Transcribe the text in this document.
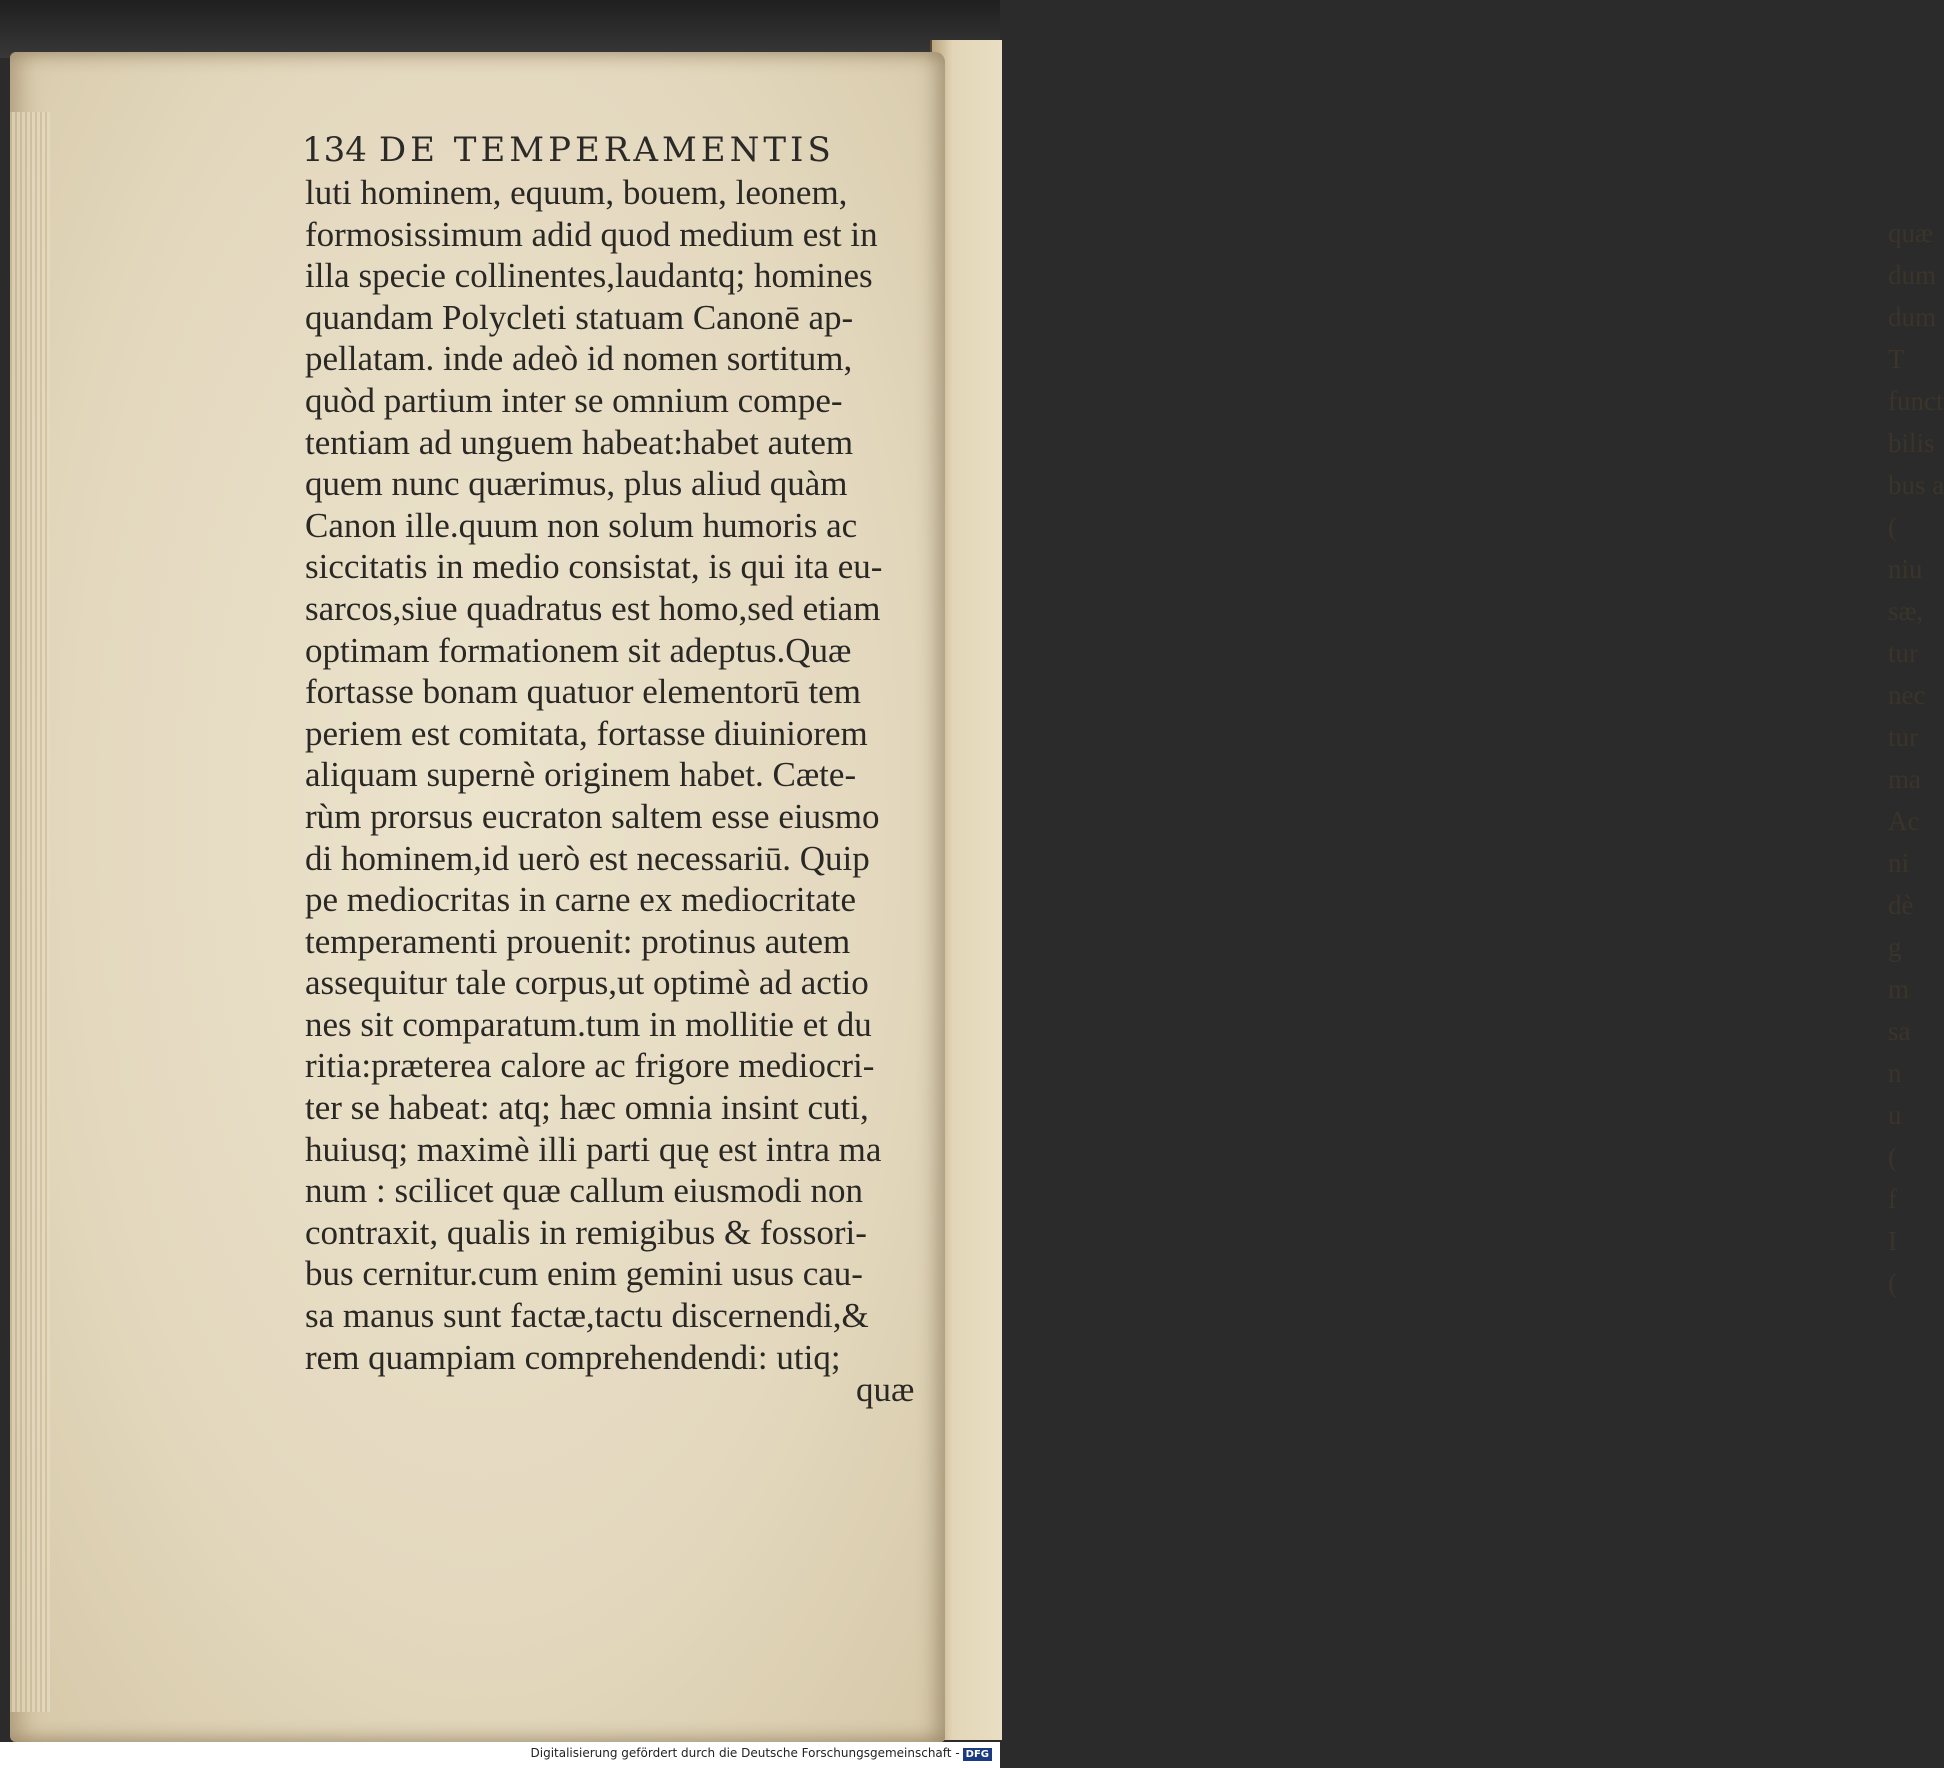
quæ
dum
dum
T
funct
bilis
bus a
(
niu
sæ,
tur
nec
tur
ma
Ac
ni
dè
g
m
sa
n
u
(
f
I
(
134 DE TEMPERAMENTIS
luti hominem, equum, bouem, leonem,
formosissimum adid quod medium est in
illa specie collinentes,laudantq; homines
quandam Polycleti statuam Canonē ap-
pellatam. inde adeò id nomen sortitum,
quòd partium inter se omnium compe-
tentiam ad unguem habeat:habet autem
quem nunc quærimus, plus aliud quàm
Canon ille.quum non solum humoris ac
siccitatis in medio consistat, is qui ita eu-
sarcos,siue quadratus est homo,sed etiam
optimam formationem sit adeptus.Quæ
fortasse bonam quatuor elementorū tem
periem est comitata, fortasse diuiniorem
aliquam supernè originem habet. Cæte-
rùm prorsus eucraton saltem esse eiusmo
di hominem,id uerò est necessariū. Quip
pe mediocritas in carne ex mediocritate
temperamenti prouenit: protinus autem
assequitur tale corpus,ut optimè ad actio
nes sit comparatum.tum in mollitie et du
ritia:præterea calore ac frigore mediocri-
ter se habeat: atq; hæc omnia insint cuti,
huiusq; maximè illi parti quę est intra ma
num : scilicet quæ callum eiusmodi non
contraxit, qualis in remigibus & fossori-
bus cernitur.cum enim gemini usus cau-
sa manus sunt factæ,tactu discernendi,&
rem quampiam comprehendendi: utiq;
quæ
Digitalisierung gefördert durch die Deutsche Forschungsgemeinschaft - DFG
